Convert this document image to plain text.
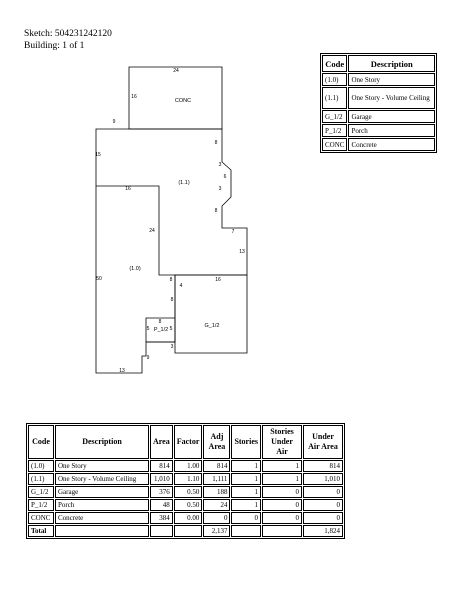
Sketch: 504231242120
Building: 1 of 1
Code	Description
(1.0)	One Story
(1.1)	One Story - Volume Ceiling
G_1/2	Garage
P_1/2	Porch
CONC	Concrete
24
16
9
15
8
3
6
3
8
16
24	7
13
50	8
4
16
8
8
5	5
3
9
13
CONC
(1.1)
(1.0)
G_1/2
P_1/2
Code	Description	Area	Factor	Adj Area	Stories	Stories Under Air	Under Air Area
(1.0)	One Story	814	1.00	814	1	1	814
(1.1)	One Story - Volume Ceiling	1,010	1.10	1,111	1	1	1,010
G_1/2	Garage	376	0.50	188	1	0	0
P_1/2	Porch	48	0.50	24	1	0	0
CONC	Concrete	384	0.00	0	0	0	0
Total				2,137			1,824
